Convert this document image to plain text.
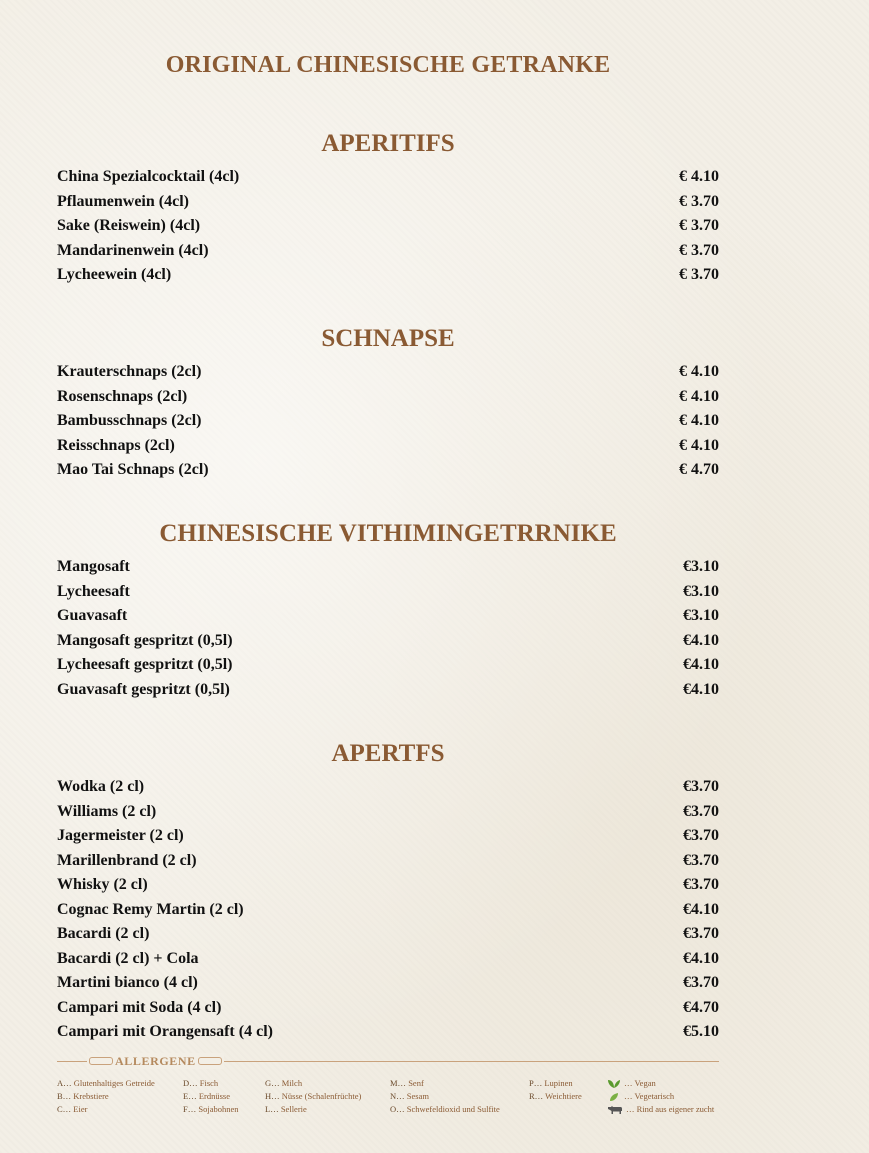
ORIGINAL CHINESISCHE GETRANKE
APERITIFS
China Spezialcocktail (4cl)	€ 4.10
Pflaumenwein (4cl)	€ 3.70
Sake (Reiswein) (4cl)	€ 3.70
Mandarinenwein (4cl)	€ 3.70
Lycheewein (4cl)	€ 3.70
SCHNAPSE
Krauterschnaps (2cl)	€ 4.10
Rosenschnaps (2cl)	€ 4.10
Bambusschnaps (2cl)	€ 4.10
Reisschnaps (2cl)	€ 4.10
Mao Tai Schnaps (2cl)	€ 4.70
CHINESISCHE VITHIMINGETRRNIKE
Mangosaft	€3.10
Lycheesaft	€3.10
Guavasaft	€3.10
Mangosaft gespritzt (0,5l)	€4.10
Lycheesaft gespritzt (0,5l)	€4.10
Guavasaft gespritzt (0,5l)	€4.10
APERTFS
Wodka (2 cl)	€3.70
Williams (2 cl)	€3.70
Jagermeister (2 cl)	€3.70
Marillenbrand (2 cl)	€3.70
Whisky (2 cl)	€3.70
Cognac Remy Martin (2 cl)	€4.10
Bacardi (2 cl)	€3.70
Bacardi (2 cl) + Cola	€4.10
Martini bianco (4 cl)	€3.70
Campari mit Soda (4 cl)	€4.70
Campari mit Orangensaft (4 cl)	€5.10
ALLERGENE
A… Glutenhaltiges Getreide
B… Krebstiere
C… Eier
D… Fisch
E… Erdnüsse
F… Sojabohnen
G… Milch
H… Nüsse (Schalenfrüchte)
L… Sellerie
M… Senf
N… Sesam
O… Schwefeldioxid und Sulfite
P… Lupinen
R… Weichtiere
… Vegan
… Vegetarisch
… Rind aus eigener zucht
